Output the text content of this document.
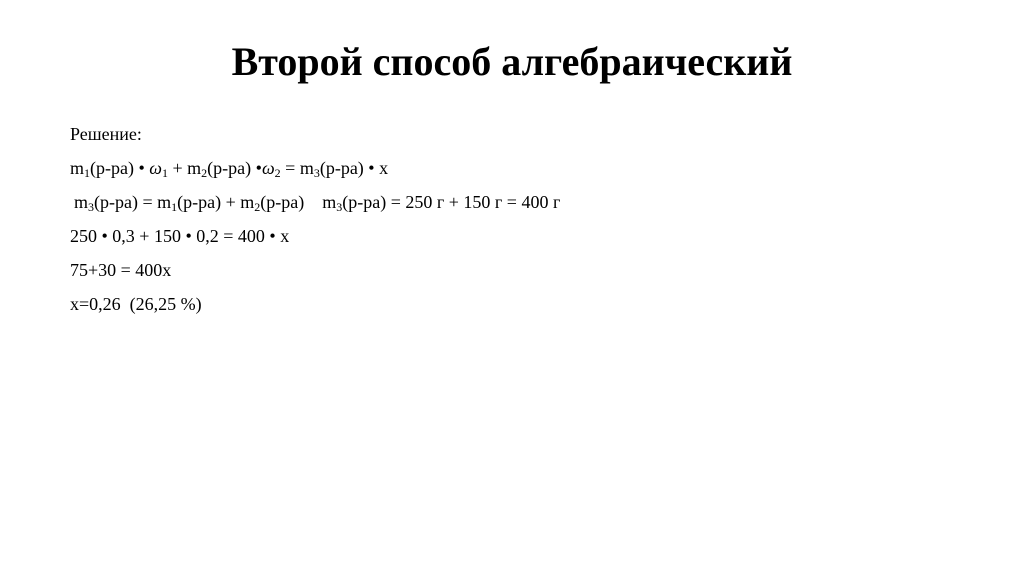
Второй способ алгебраический
Решение:
$m_1(р-ра)$ • $\omega_1 + m_2(р-ра)$ $•\omega_2 = m_3(р-ра)$ • х
$m_3(р-ра) = m_1(р-ра) + m_2(р-ра) m_3(р-ра) = 250$ г + 150 г = 400 г
250 • 0,3 + 150 • 0,2 = 400 • х
75+30 = 400х
х=0,26  (26,25 %)
